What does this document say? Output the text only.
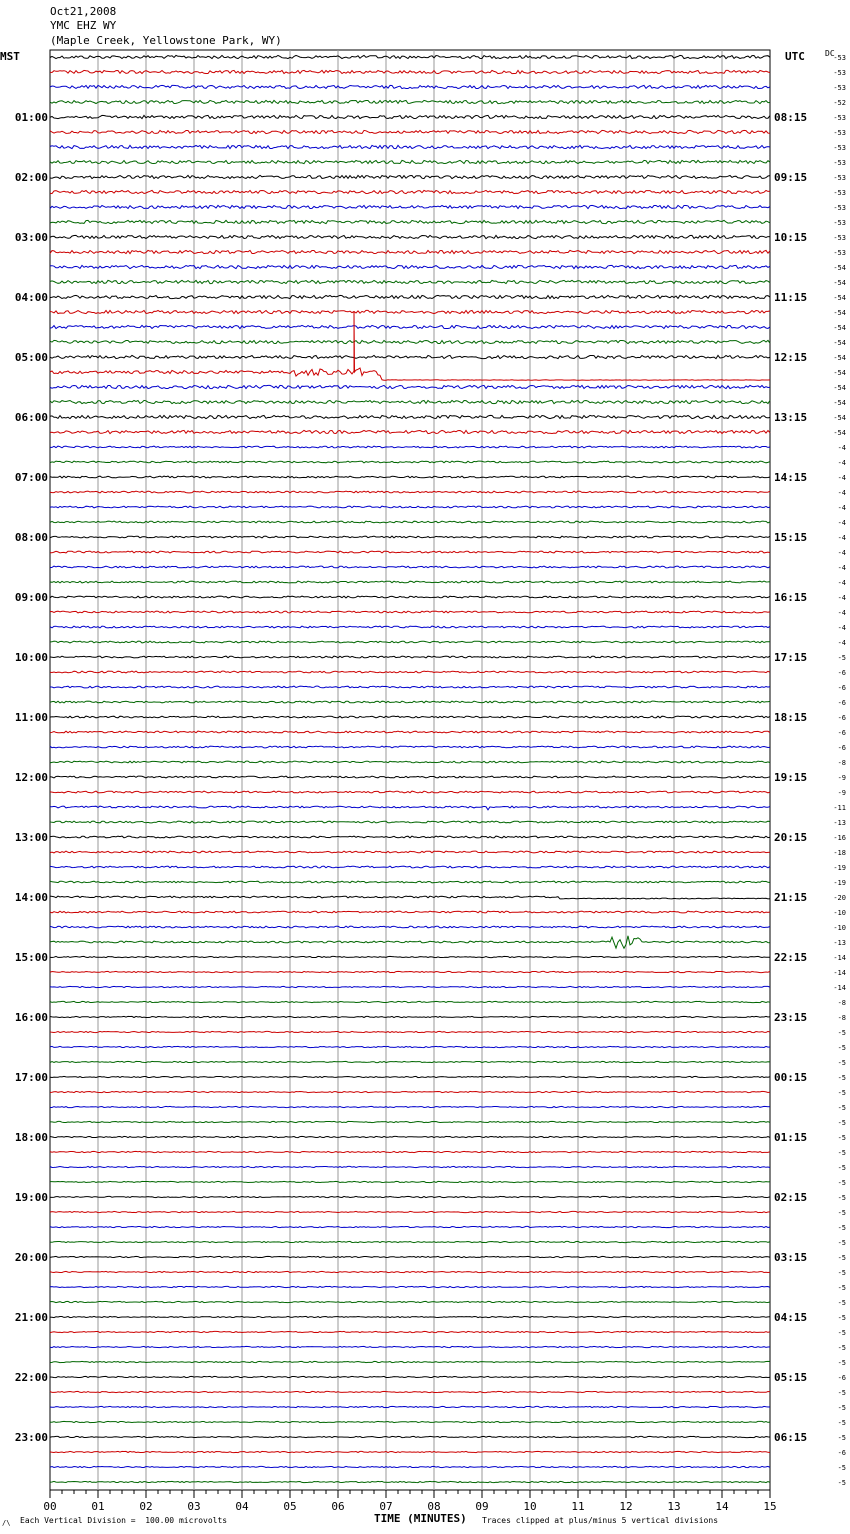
Oct21,2008
YMC EHZ WY
(Maple Creek, Yellowstone Park, WY)
MST	UTC	DC
-53
-53
-53
-52
-53
-53
-53
-53
-53
-53
-53
-53
-53
-53
-54
-54
-54
-54
-54
-54
-54
-54
-54
-54
-54
-54
-4
-4
-4
-4
-4
-4
-4
-4
-4
-4
-4
-4
-4
-4
-5
-6
-6
-6
-6
-6
-6
-8
-9
-9
-11
-13
-16
-18
-19
-19
-20
-10
-10
-13
-14
-14
-14
-8
-8
-5
-5
-5
-5
-5
-5
-5
-5
-5
-5
-5
-5
-5
-5
-5
-5
-5
-5
-5
-5
-5
-5
-5
-6
-5
-5
-5
-5
-6
-5
-5
01:00	08:15
02:00	09:15
03:00	10:15
04:00	11:15
05:00	12:15
06:00	13:15
07:00	14:15
08:00	15:15
09:00	16:15
10:00	17:15
11:00	18:15
12:00	19:15
13:00	20:15
14:00	21:15
15:00	22:15
16:00	23:15
17:00	00:15
18:00	01:15
19:00	02:15
20:00	03:15
21:00	04:15
22:00	05:15
23:00	06:15
00	01	02	03	04	05	06	07	08	09	10	11	12	13	14	15
/\ Each Vertical Division =  100.00 microvolts	TIME (MINUTES) Traces clipped at plus/minus 5 vertical divisions
